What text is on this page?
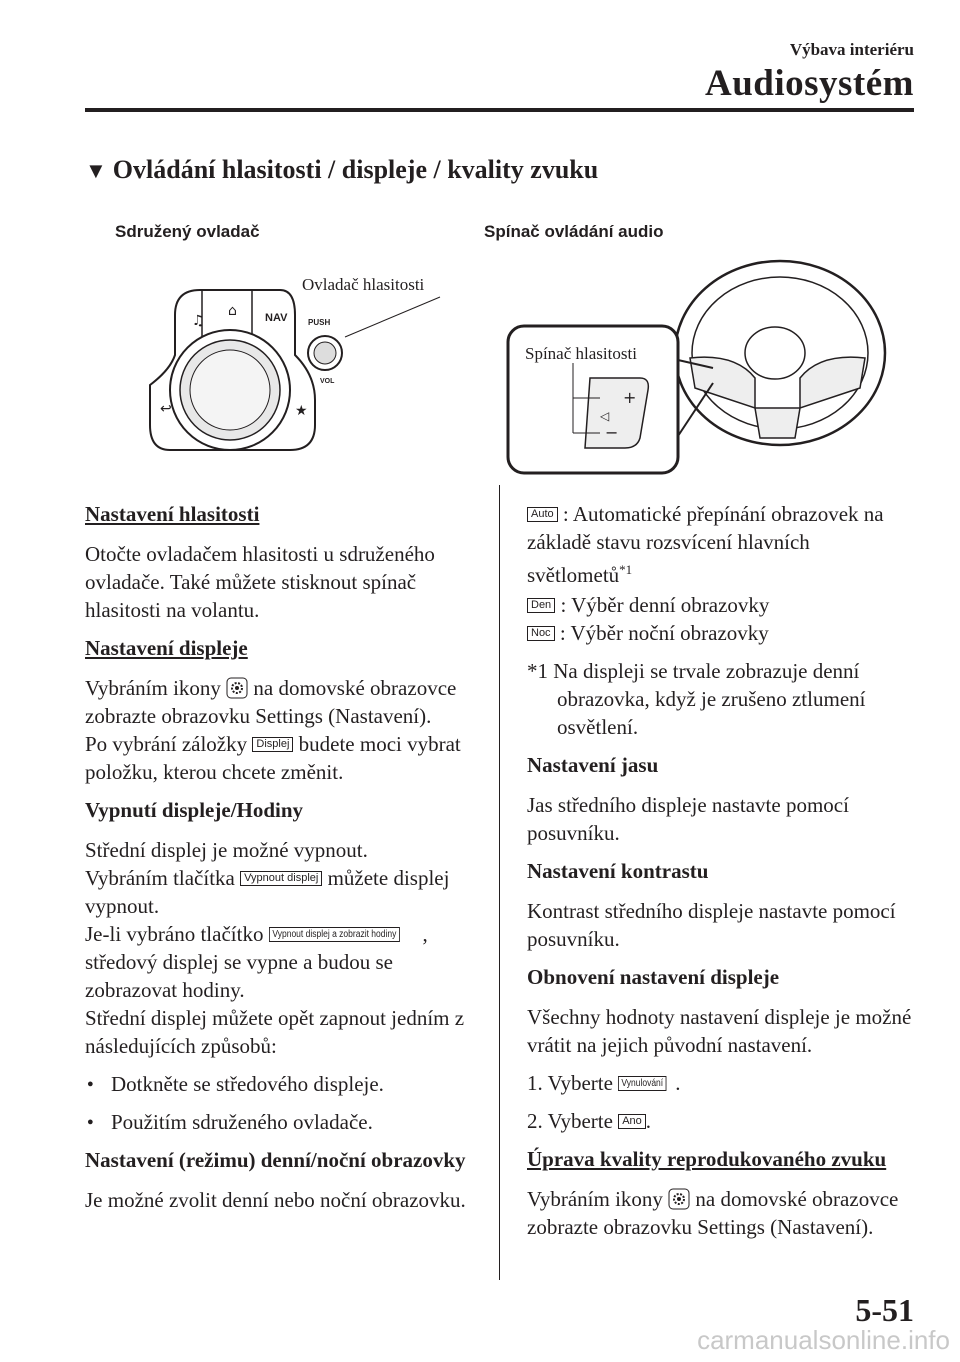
Výbava interiéru
Audiosystém
▼ Ovládání hlasitosti / displeje / kvality zvuku
Sdružený ovladač	Spínač ovládání audio
Ovladač hlasitosti
♫
⌂	NAV
↩	★
PUSH
VOL
+
◁
−
Spínač hlasitosti
Nastavení hlasitosti

Otočte ovladačem hlasitosti u sdruženého ovladače. Také můžete stisknout spínač hlasitosti na volantu.

Nastavení displeje

Vybráním ikony na domovské obrazovce zobrazte obrazovku Settings (Nastavení).
Po vybrání záložky Displej budete moci vybrat položku, kterou chcete změnit.

Vypnutí displeje/Hodiny

Střední displej je možné vypnout.
Vybráním tlačítka Vypnout displej můžete displej vypnout.
Je-li vybráno tlačítko Vypnout displej a zobrazit hodiny , středový displej se vypne a budou se zobrazovat hodiny.
Střední displej můžete opět zapnout jedním z následujících způsobů:

● Dotkněte se středového displeje.
● Použitím sdruženého ovladače.
Nastavení (režimu) denní/noční obrazovky

Je možné zvolit denní nebo noční obrazovku.

Auto : Automatické přepínání obrazovek na základě stavu rozsvícení hlavních světlometů$^{*1}$

Den : Výběr denní obrazovky

Noc : Výběr noční obrazovky

*1 Na displeji se trvale zobrazuje denní obrazovka, když je zrušeno ztlumení osvětlení.

Nastavení jasu

Jas středního displeje nastavte pomocí posuvníku.

Nastavení kontrastu

Kontrast středního displeje nastavte pomocí posuvníku.

Obnovení nastavení displeje

Všechny hodnoty nastavení displeje je možné vrátit na jejich původní nastavení.

1. Vyberte Vynulování .
2. Vyberte Ano .
Úprava kvality reprodukovaného zvuku

Vybráním ikony na domovské obrazovce zobrazte obrazovku Settings (Nastavení).

5-51
carmanualsonline.info
